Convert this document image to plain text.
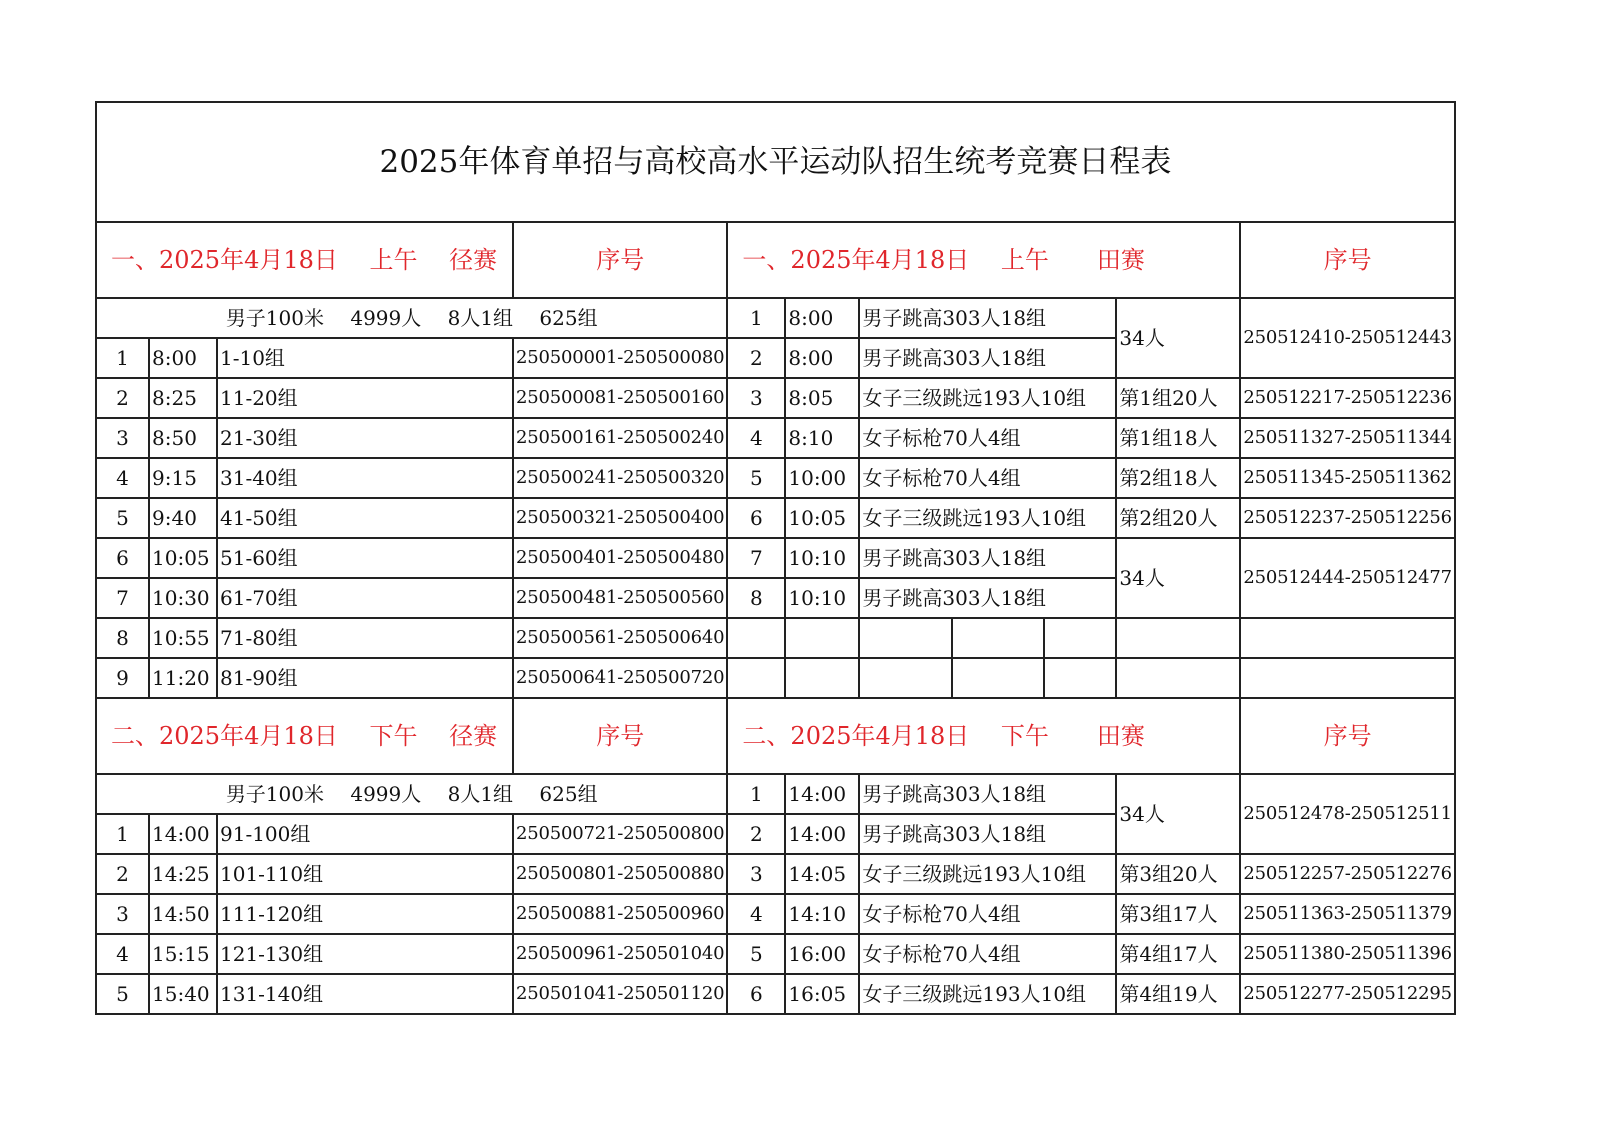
2025年体育单招与高校高水平运动队招生统考竞赛日程表										
一、2025年4月18日　 上午　 径赛			序号	一、2025年4月18日　 上午　　田赛						序号
男子100米　 4999人　 8人1组　 625组				1	8:00	男子跳高303人18组			34人	250512410-250512443
1	8:00	1-10组	250500001-250500080	2	8:00	男子跳高303人18组				
2	8:25	11-20组	250500081-250500160	3	8:05	女子三级跳远193人10组			第1组20人	250512217-250512236
3	8:50	21-30组	250500161-250500240	4	8:10	女子标枪70人4组			第1组18人	250511327-250511344
4	9:15	31-40组	250500241-250500320	5	10:00	女子标枪70人4组			第2组18人	250511345-250511362
5	9:40	41-50组	250500321-250500400	6	10:05	女子三级跳远193人10组			第2组20人	250512237-250512256
6	10:05	51-60组	250500401-250500480	7	10:10	男子跳高303人18组			34人	250512444-250512477
7	10:30	61-70组	250500481-250500560	8	10:10	男子跳高303人18组				
8	10:55	71-80组	250500561-250500640							
9	11:20	81-90组	250500641-250500720							
二、2025年4月18日　 下午　 径赛			序号	二、2025年4月18日　 下午　　田赛						序号
男子100米　 4999人　 8人1组　 625组				1	14:00	男子跳高303人18组			34人	250512478-250512511
1	14:00	91-100组	250500721-250500800	2	14:00	男子跳高303人18组				
2	14:25	101-110组	250500801-250500880	3	14:05	女子三级跳远193人10组			第3组20人	250512257-250512276
3	14:50	111-120组	250500881-250500960	4	14:10	女子标枪70人4组			第3组17人	250511363-250511379
4	15:15	121-130组	250500961-250501040	5	16:00	女子标枪70人4组			第4组17人	250511380-250511396
5	15:40	131-140组	250501041-250501120	6	16:05	女子三级跳远193人10组			第4组19人	250512277-250512295
